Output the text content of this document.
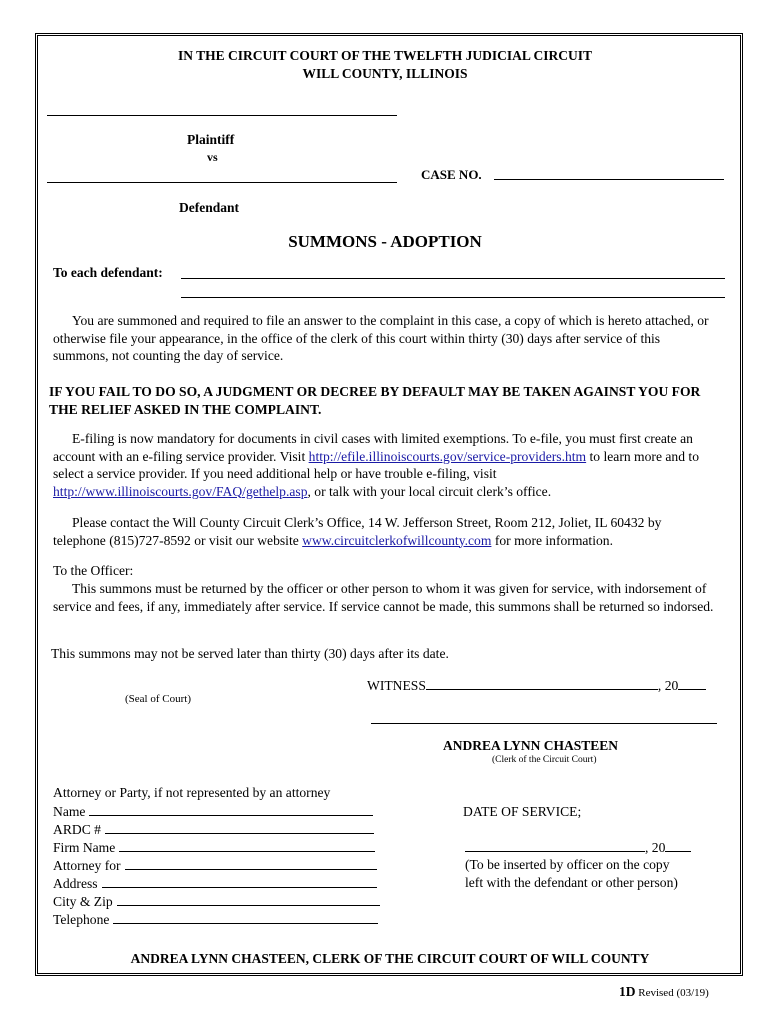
IN THE CIRCUIT COURT OF THE TWELFTH JUDICIAL CIRCUIT
WILL COUNTY, ILLINOIS
Plaintiff
vs
CASE NO.
Defendant
SUMMONS - ADOPTION
To each defendant:
You are summoned and required to file an answer to the complaint in this case, a copy of which is hereto attached, or otherwise file your appearance, in the office of the clerk of this court within thirty (30) days after service of this summons, not counting the day of service.
IF YOU FAIL TO DO SO, A JUDGMENT OR DECREE BY DEFAULT MAY BE TAKEN AGAINST YOU FOR THE RELIEF ASKED IN THE COMPLAINT.
E-filing is now mandatory for documents in civil cases with limited exemptions. To e-file, you must first create an account with an e-filing service provider. Visit http://efile.illinoiscourts.gov/service-providers.htm to learn more and to select a service provider. If you need additional help or have trouble e-filing, visit http://www.illinoiscourts.gov/FAQ/gethelp.asp, or talk with your local circuit clerk’s office.
Please contact the Will County Circuit Clerk’s Office, 14 W. Jefferson Street, Room 212, Joliet, IL 60432 by telephone (815)727-8592 or visit our website www.circuitclerkofwillcounty.com for more information.
To the Officer:
This summons must be returned by the officer or other person to whom it was given for service, with indorsement of service and fees, if any, immediately after service. If service cannot be made, this summons shall be returned so indorsed.
This summons may not be served later than thirty (30) days after its date.
WITNESS	, 20
(Seal of Court)
ANDREA LYNN CHASTEEN
(Clerk of the Circuit Court)
Attorney or Party, if not represented by an attorney
Name
ARDC #
Firm Name
Attorney for
Address
City & Zip
Telephone
DATE OF SERVICE;
, 20
(To be inserted by officer on the copy
left with the defendant or other person)
ANDREA LYNN CHASTEEN, CLERK OF THE CIRCUIT COURT OF WILL COUNTY
1D Revised (03/19)
